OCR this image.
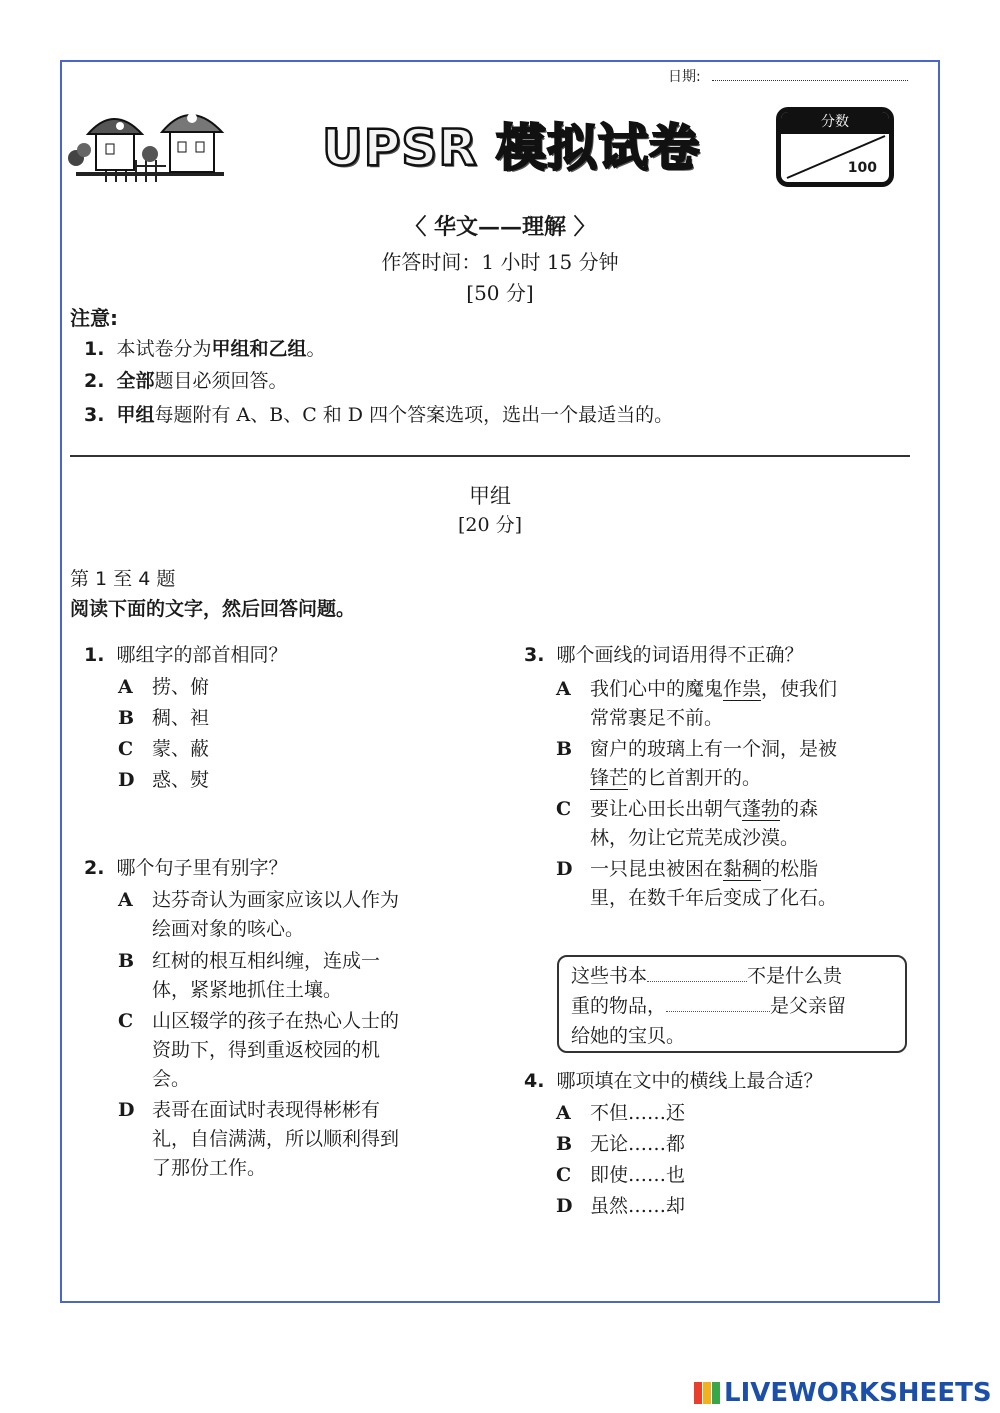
日期:
UPSR 模拟试卷	分数
100
〈 华文——理解 〉
作答时间：1 小时 15 分钟
[50 分]
注意:
1. 本试卷分为甲组和乙组。
2. 全部题目必须回答。
3. 甲组每题附有 A、B、C 和 D 四个答案选项，选出一个最适当的。
甲组
[20 分]
第 1 至 4 题
阅读下面的文字，然后回答问题。
1. 哪组字的部首相同？
A 捞、俯
B 稠、袒
C 蒙、蔽
D 惑、熨
2. 哪个句子里有别字？
A 达芬奇认为画家应该以人作为
绘画对象的咳心。
B 红树的根互相纠缠，连成一
体，紧紧地抓住土壤。
C 山区辍学的孩子在热心人士的
资助下，得到重返校园的机
会。
D 表哥在面试时表现得彬彬有
礼，自信满满，所以顺利得到
了那份工作。
3. 哪个画线的词语用得不正确？
A 我们心中的魔鬼作祟，使我们
常常裹足不前。
B 窗户的玻璃上有一个洞，是被
锋芒的匕首割开的。
C 要让心田长出朝气蓬勃的森
林，勿让它荒芜成沙漠。
D 一只昆虫被困在黏稠的松脂
里，在数千年后变成了化石。
这些书本	不是什么贵
重的物品，	是父亲留
给她的宝贝。
4. 哪项填在文中的横线上最合适？
A 不但……还
B 无论……都
C 即使……也
D 虽然……却
LIVEWORKSHEETS
